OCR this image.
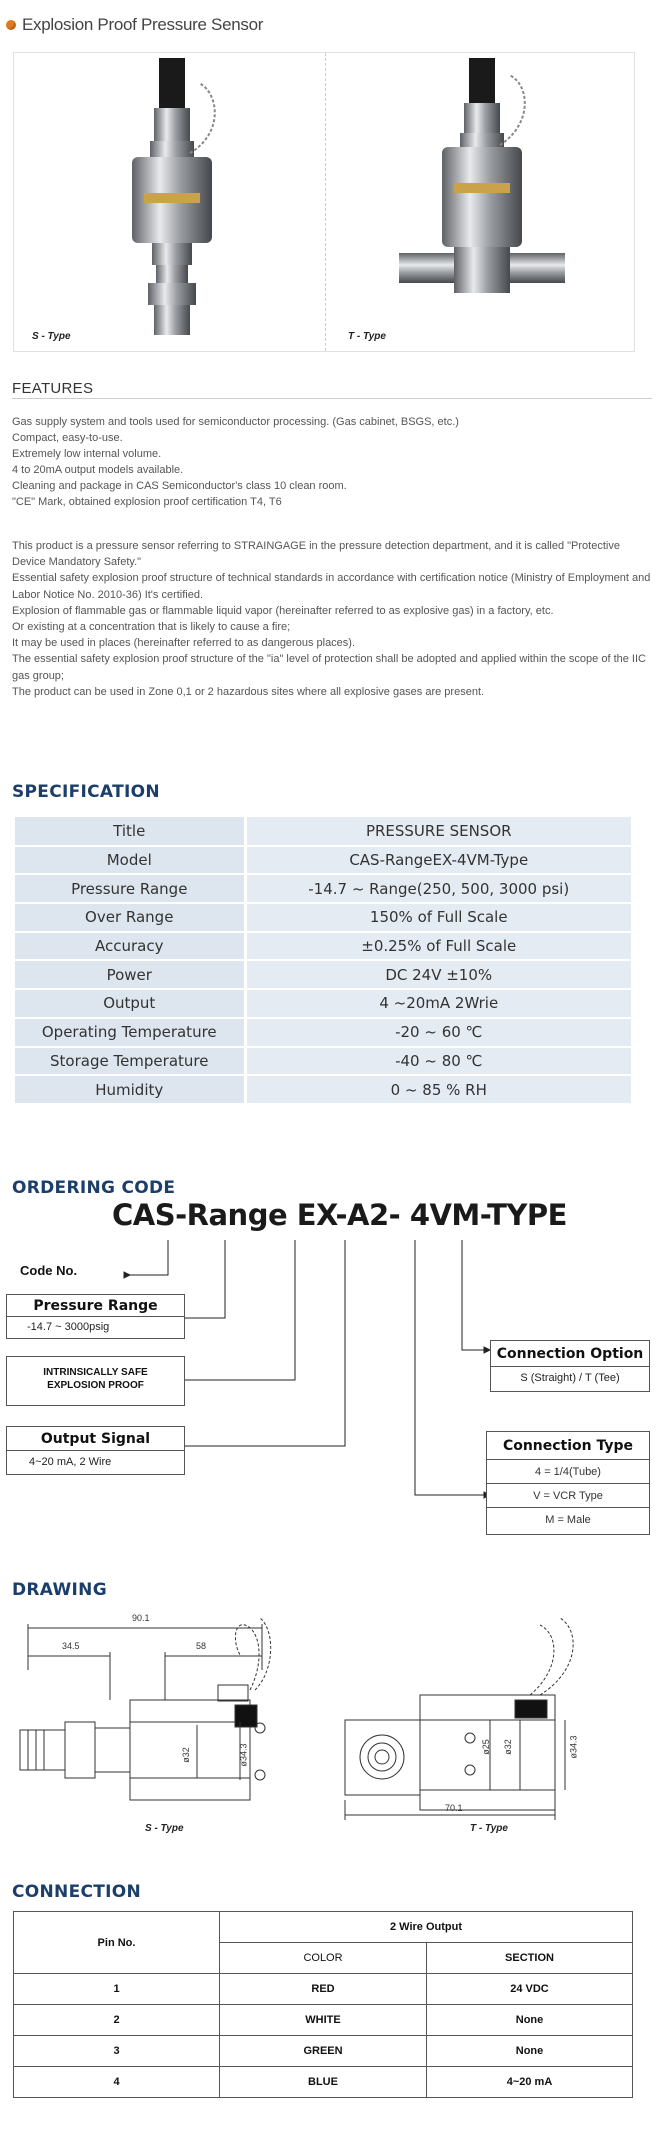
Explosion Proof Pressure Sensor
S - Type	T - Type
FEATURES
Gas supply system and tools used for semiconductor processing. (Gas cabinet, BSGS, etc.)
Compact, easy-to-use.
Extremely low internal volume.
4 to 20mA output models available.
Cleaning and package in CAS Semiconductor's class 10 clean room.
"CE" Mark, obtained explosion proof certification T4, T6
This product is a pressure sensor referring to STRAINGAGE in the pressure detection department, and it is called "Protective Device Mandatory Safety."
Essential safety explosion proof structure of technical standards in accordance with certification notice (Ministry of Employment and Labor Notice No. 2010-36) It's certified.
Explosion of flammable gas or flammable liquid vapor (hereinafter referred to as explosive gas) in a factory, etc.
Or existing at a concentration that is likely to cause a fire;
It may be used in places (hereinafter referred to as dangerous places).
The essential safety explosion proof structure of the "ia" level of protection shall be adopted and applied within the scope of the IIC gas group;
The product can be used in Zone 0,1 or 2 hazardous sites where all explosive gases are present.
SPECIFICATION
Title	PRESSURE SENSOR
Model	CAS-RangeEX-4VM-Type
Pressure Range	-14.7 ~ Range(250, 500, 3000 psi)
Over Range	150% of Full Scale
Accuracy	±0.25% of Full Scale
Power	DC 24V ±10%
Output	4 ~20mA 2Wrie
Operating Temperature	-20 ~ 60 ℃
Storage Temperature	-40 ~ 80 ℃
Humidity	0 ~ 85 % RH
ORDERING CODE
CAS-Range EX-A2- 4VM-TYPE
Code No.
Pressure Range
-14.7 ~ 3000psig
INTRINSICALLY SAFE
EXPLOSION PROOF
Output Signal
4~20 mA, 2 Wire
Connection Option
S (Straight) / T (Tee)
Connection Type
4 = 1/4(Tube)
V = VCR Type
M = Male
DRAWING
90.1
34.5	58
ø32	ø34.3	ø25 ø32	ø34.3
70.1
S - Type	T - Type
CONNECTION
Pin No.	2 Wire Output	
	COLOR	SECTION
1	RED	24 VDC
2	WHITE	None
3	GREEN	None
4	BLUE	4~20 mA
